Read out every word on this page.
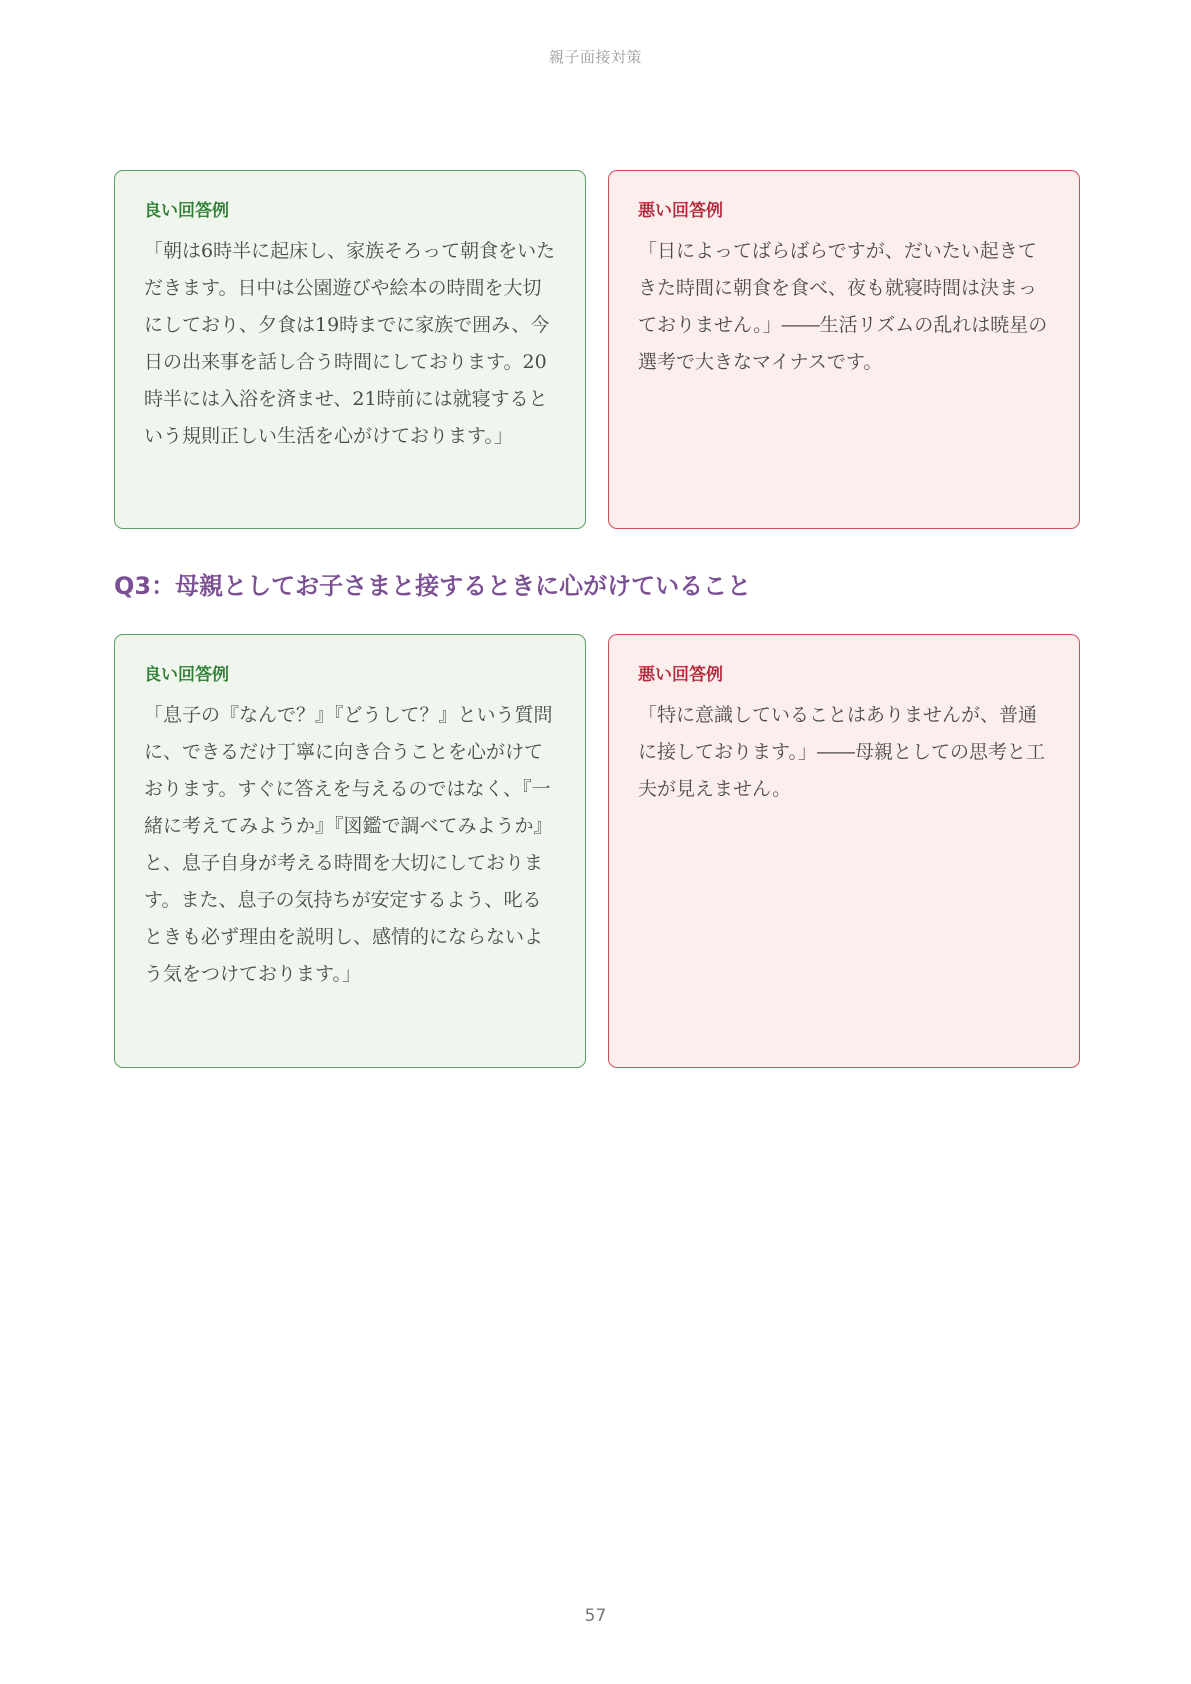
親子面接対策
良い回答例

「朝は6時半に起床し、家族そろって朝食をいただきます。日中は公園遊びや絵本の時間を大切にしており、夕食は19時までに家族で囲み、今日の出来事を話し合う時間にしております。20時半には入浴を済ませ、21時前には就寝するという規則正しい生活を心がけております。」

悪い回答例

「日によってばらばらですが、だいたい起きてきた時間に朝食を食べ、夜も就寝時間は決まっておりません。」――生活リズムの乱れは暁星の選考で大きなマイナスです。

Q3：母親としてお子さまと接するときに心がけていること
良い回答例

「息子の『なんで？』『どうして？』という質問に、できるだけ丁寧に向き合うことを心がけております。すぐに答えを与えるのではなく、『一緒に考えてみようか』『図鑑で調べてみようか』と、息子自身が考える時間を大切にしております。また、息子の気持ちが安定するよう、叱るときも必ず理由を説明し、感情的にならないよう気をつけております。」

悪い回答例

「特に意識していることはありませんが、普通に接しております。」――母親としての思考と工夫が見えません。

57
